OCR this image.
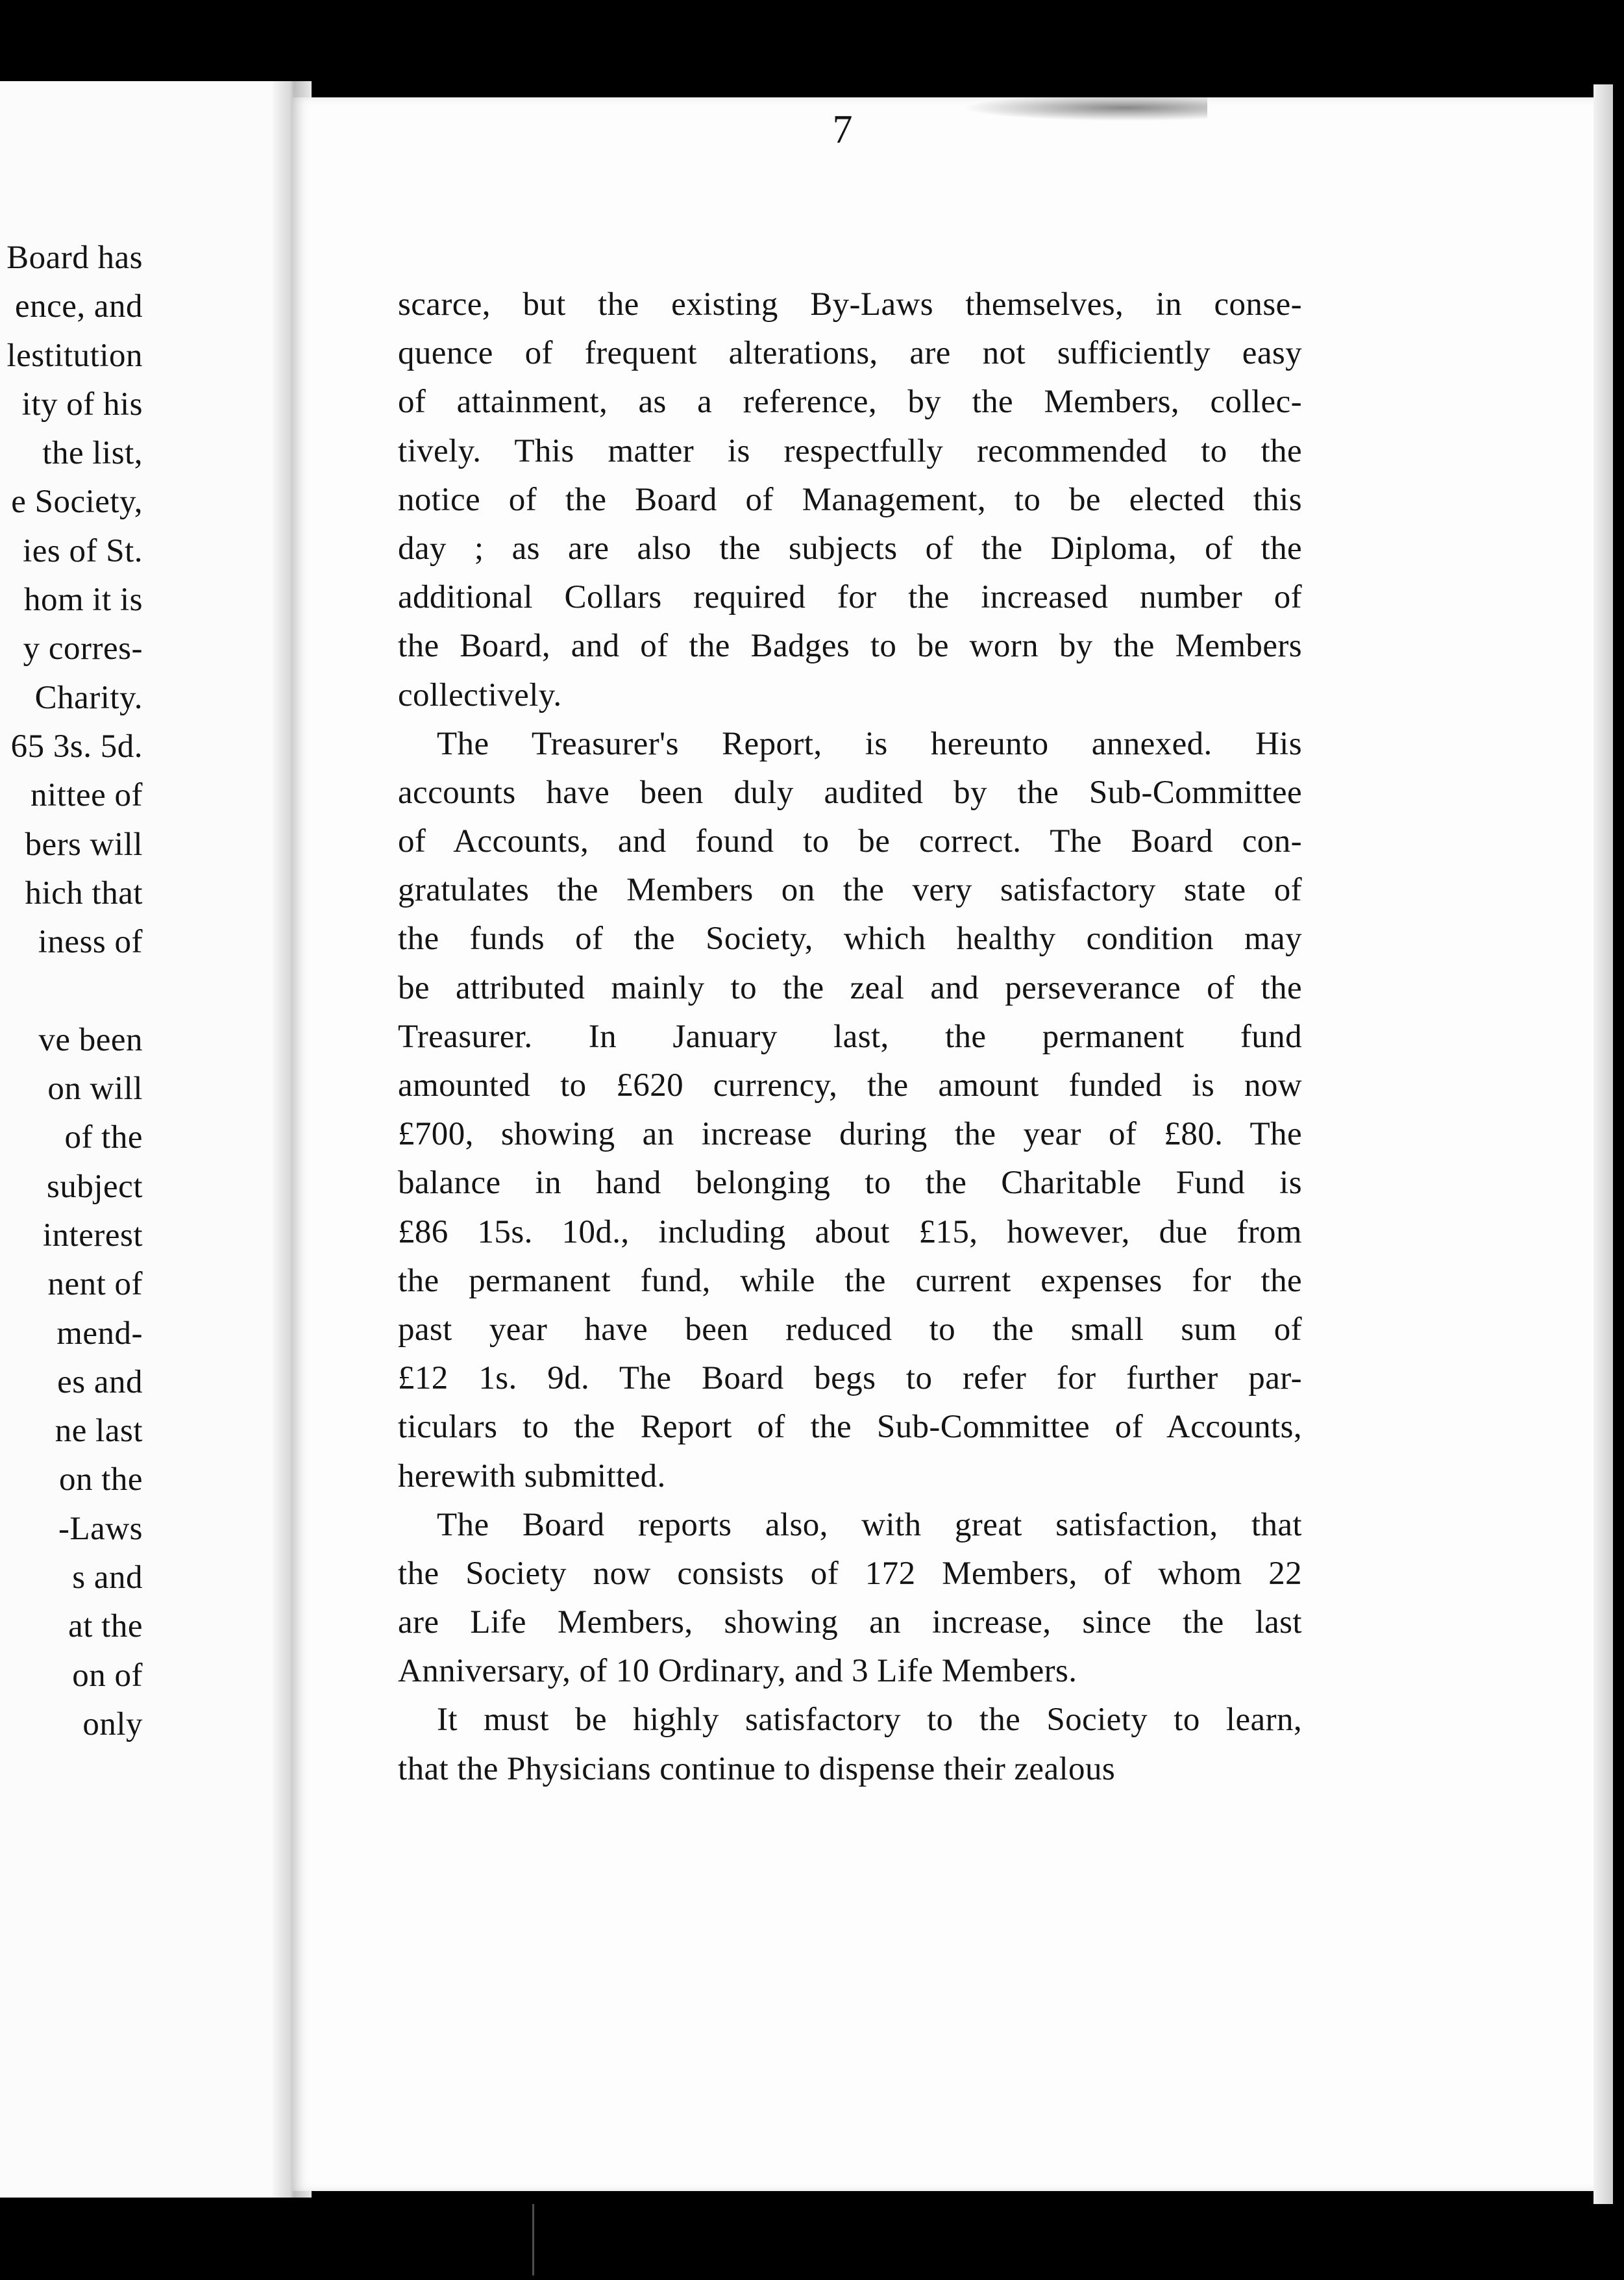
Board has
ence, and
lestitution
ity of his
the list,
e Society,
ies of St.
hom it is
y corres-
Charity.
65 3s. 5d.
nittee of
bers will
hich that
iness of
ve been
on will
of the
subject
interest
nent of
mend-
es and
ne last
on the
-Laws
s and
at the
on of
only
7
scarce, but the existing By-Laws themselves, in conse-
quence of frequent alterations, are not sufficiently easy
of attainment, as a reference, by the Members, collec-
tively. This matter is respectfully recommended to the
notice of the Board of Management, to be elected this
day ; as are also the subjects of the Diploma, of the
additional Collars required for the increased number of
the Board, and of the Badges to be worn by the Members
collectively.
The Treasurer's Report, is hereunto annexed. His
accounts have been duly audited by the Sub-Committee
of Accounts, and found to be correct. The Board con-
gratulates the Members on the very satisfactory state of
the funds of the Society, which healthy condition may
be attributed mainly to the zeal and perseverance of the
Treasurer. In January last, the permanent fund
amounted to £620 currency, the amount funded is now
£700, showing an increase during the year of £80. The
balance in hand belonging to the Charitable Fund is
£86 15s. 10d., including about £15, however, due from
the permanent fund, while the current expenses for the
past year have been reduced to the small sum of
£12 1s. 9d. The Board begs to refer for further par-
ticulars to the Report of the Sub-Committee of Accounts,
herewith submitted.
The Board reports also, with great satisfaction, that
the Society now consists of 172 Members, of whom 22
are Life Members, showing an increase, since the last
Anniversary, of 10 Ordinary, and 3 Life Members.
It must be highly satisfactory to the Society to learn,
that the Physicians continue to dispense their zealous
